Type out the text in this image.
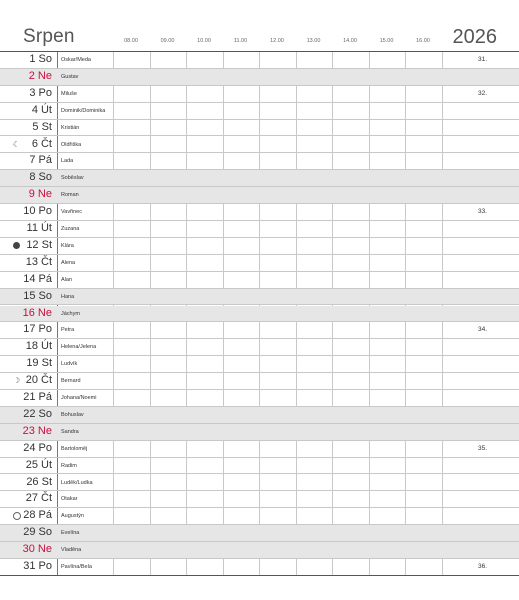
Srpen	08.00	09.00	10.00	11.00	12.00	13.00	14.00	15.00	16.00	2026
1 So Oskar/Meda	31.
2 Ne Gustav
3 Po Miluše	32.
4 Út Dominik/Dominika
5 St Kristián
☾	6 Čt Oldřiška
7 Pá Lada
8 So Soběslav
9 Ne Roman
10 Po Vavřinec	33.
11 Út Zuzana
12 St Klára
13 Čt Alena
14 Pá Alan
15 So Hana
16 Ne Jáchym
17 Po Petra	34.
18 Út Helena/Jelena
19 St Ludvík
☽ 20 Čt Bernard
21 Pá Johana/Noemi
22 So Bohuslav
23 Ne Sandra
24 Po Bartoloměj	35.
25 Út Radim
26 St Luděk/Ludka
27 Čt Otakar
28 Pá Augustýn
29 So Evelína
30 Ne Vladěna
31 Po Pavlína/Bela	36.
